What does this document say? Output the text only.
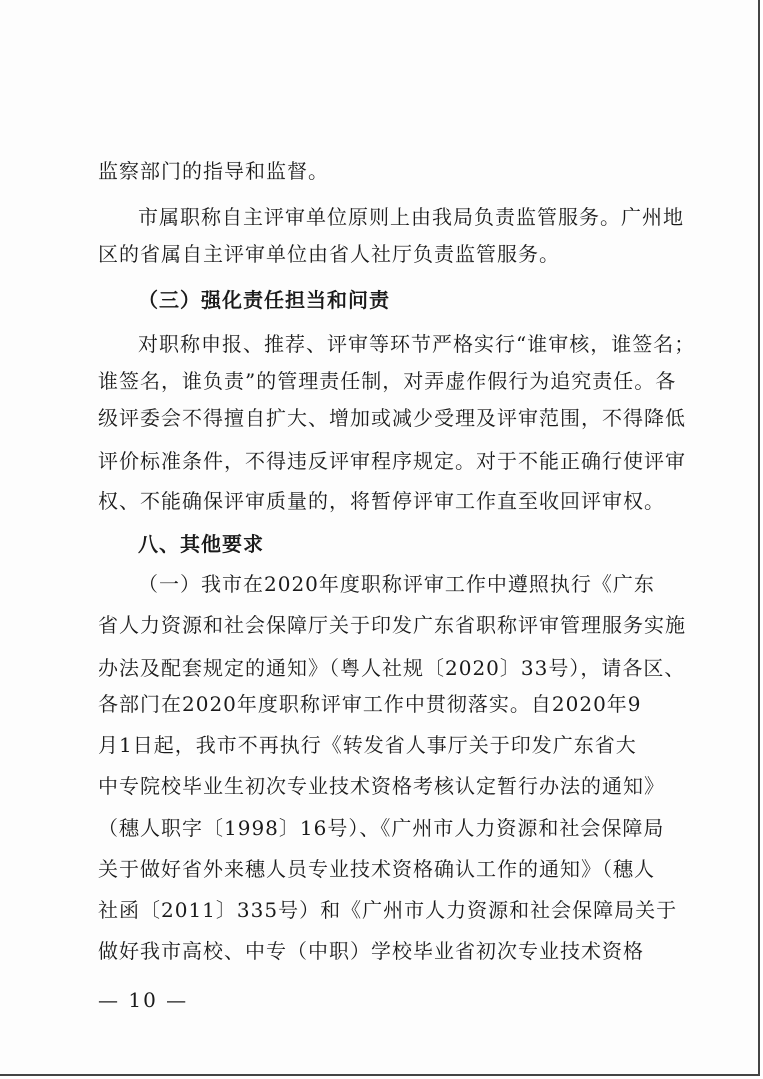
监察部门的指导和监督。
市属职称自主评审单位原则上由我局负责监管服务。广州地
区的省属自主评审单位由省人社厅负责监管服务。
（三）强化责任担当和问责
对职称申报、推荐、评审等环节严格实行“谁审核，谁签名；
谁签名，谁负责”的管理责任制，对弄虚作假行为追究责任。各
级评委会不得擅自扩大、增加或减少受理及评审范围，不得降低
评价标准条件，不得违反评审程序规定。对于不能正确行使评审
权、不能确保评审质量的，将暂停评审工作直至收回评审权。
八、其他要求
（一）我市在2020年度职称评审工作中遵照执行《广东
省人力资源和社会保障厅关于印发广东省职称评审管理服务实施
办法及配套规定的通知》（粤人社规〔2020〕33号），请各区、
各部门在2020年度职称评审工作中贯彻落实。自2020年9
月1日起，我市不再执行《转发省人事厅关于印发广东省大
中专院校毕业生初次专业技术资格考核认定暂行办法的通知》
（穗人职字〔1998〕16号）、《广州市人力资源和社会保障局
关于做好省外来穗人员专业技术资格确认工作的通知》（穗人
社函〔2011〕335号）和《广州市人力资源和社会保障局关于
做好我市高校、中专（中职）学校毕业省初次专业技术资格
— 10 —
